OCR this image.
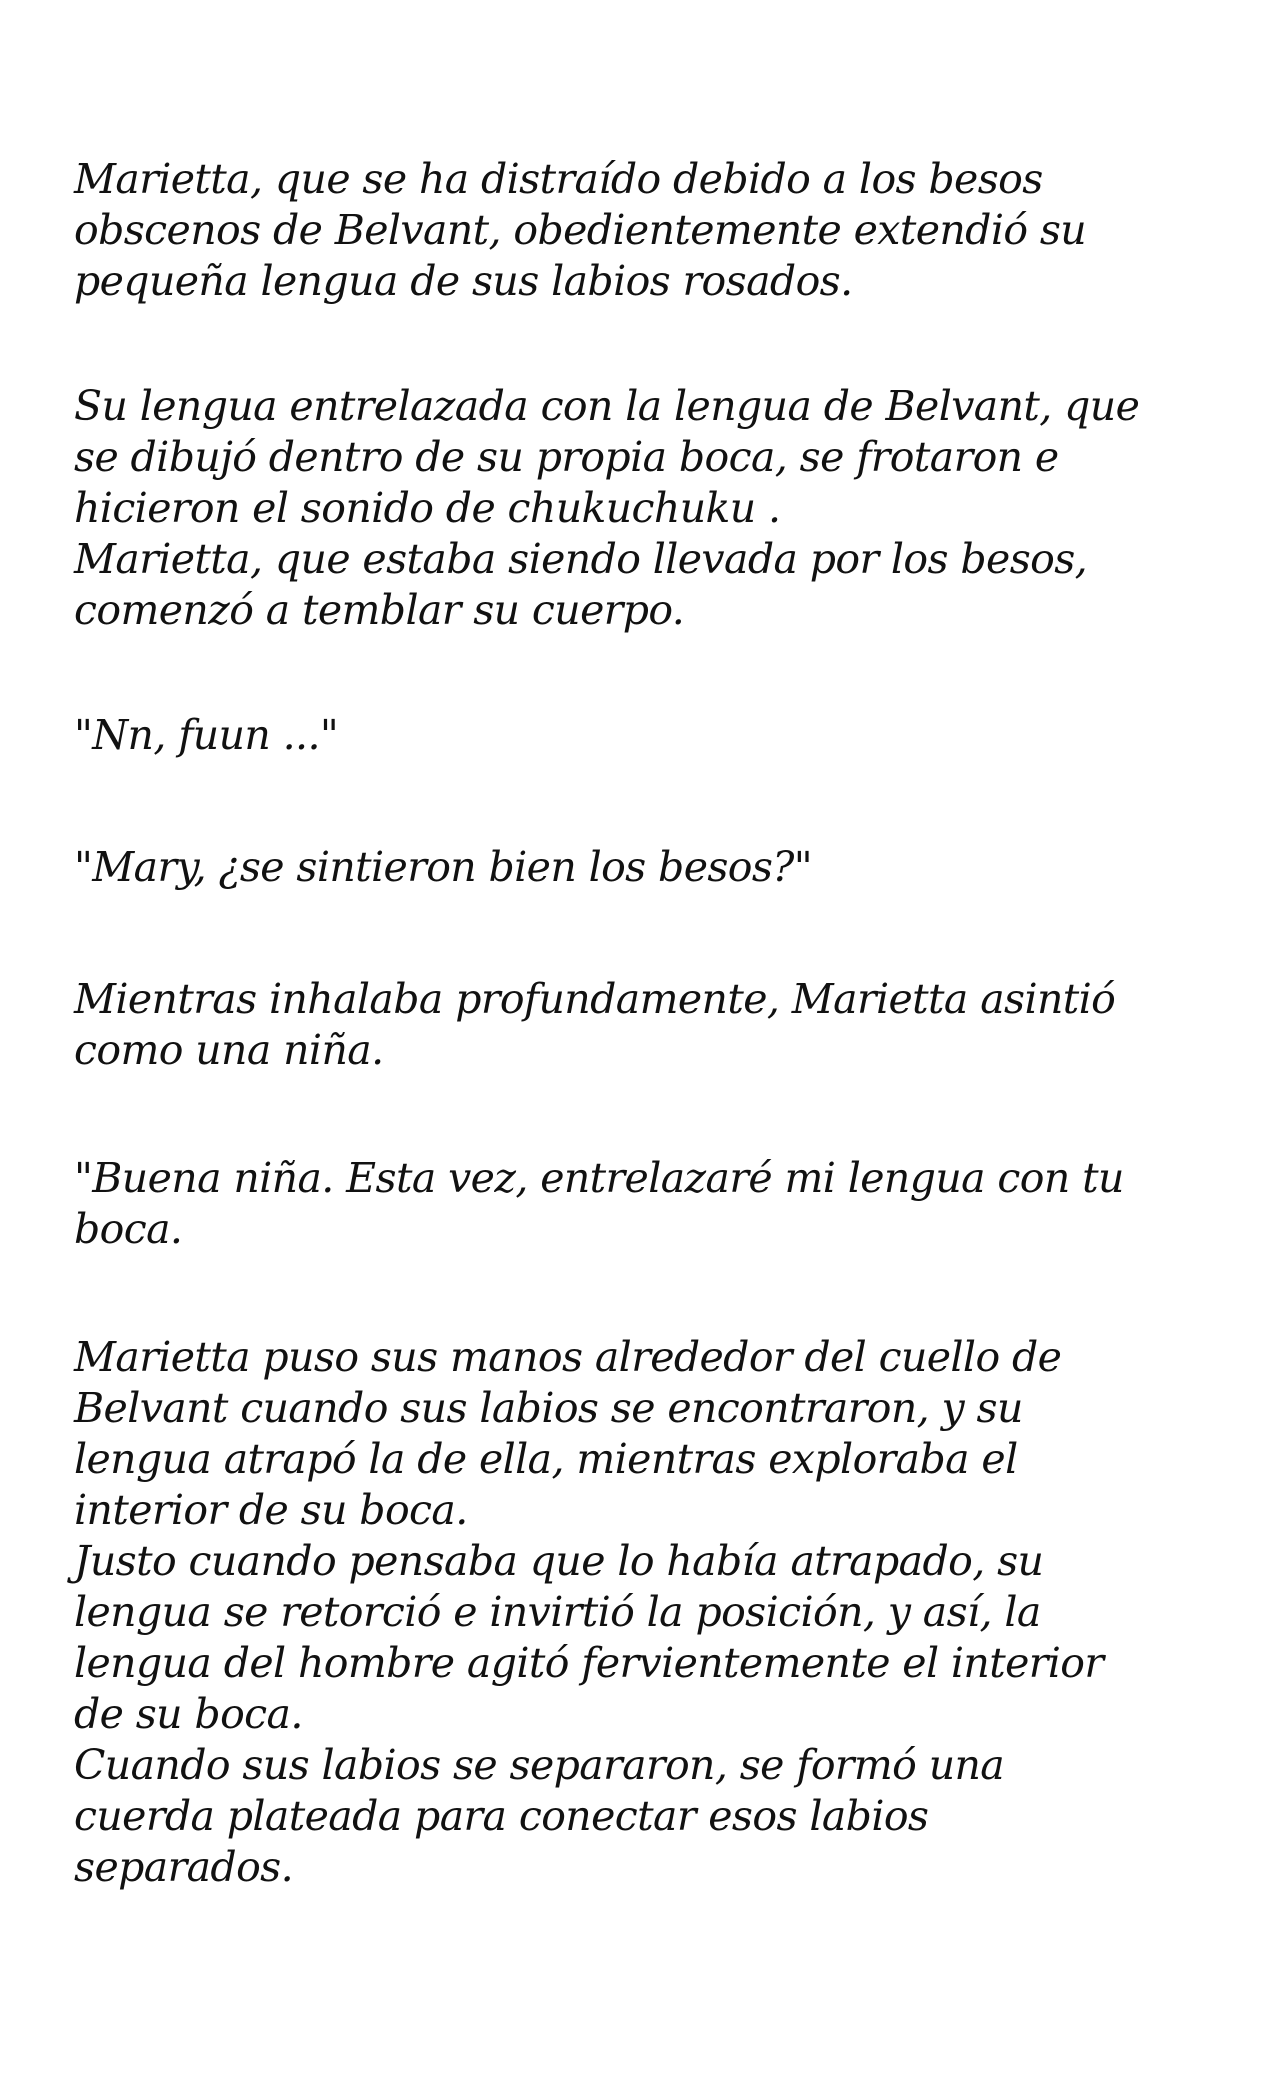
Marietta, que se ha distraído debido a los besos
obscenos de Belvant, obedientemente extendió su
pequeña lengua de sus labios rosados.

Su lengua entrelazada con la lengua de Belvant, que
se dibujó dentro de su propia boca, se frotaron e
hicieron el sonido de chukuchuku .
Marietta, que estaba siendo llevada por los besos,
comenzó a temblar su cuerpo.

"Nn, fuun ..."

"Mary, ¿se sintieron bien los besos?"

Mientras inhalaba profundamente, Marietta asintió
como una niña.

"Buena niña. Esta vez, entrelazaré mi lengua con tu
boca.

Marietta puso sus manos alrededor del cuello de
Belvant cuando sus labios se encontraron, y su
lengua atrapó la de ella, mientras exploraba el
interior de su boca.
Justo cuando pensaba que lo había atrapado, su
lengua se retorció e invirtió la posición, y así, la
lengua del hombre agitó fervientemente el interior
de su boca.
Cuando sus labios se separaron, se formó una
cuerda plateada para conectar esos labios
separados.
